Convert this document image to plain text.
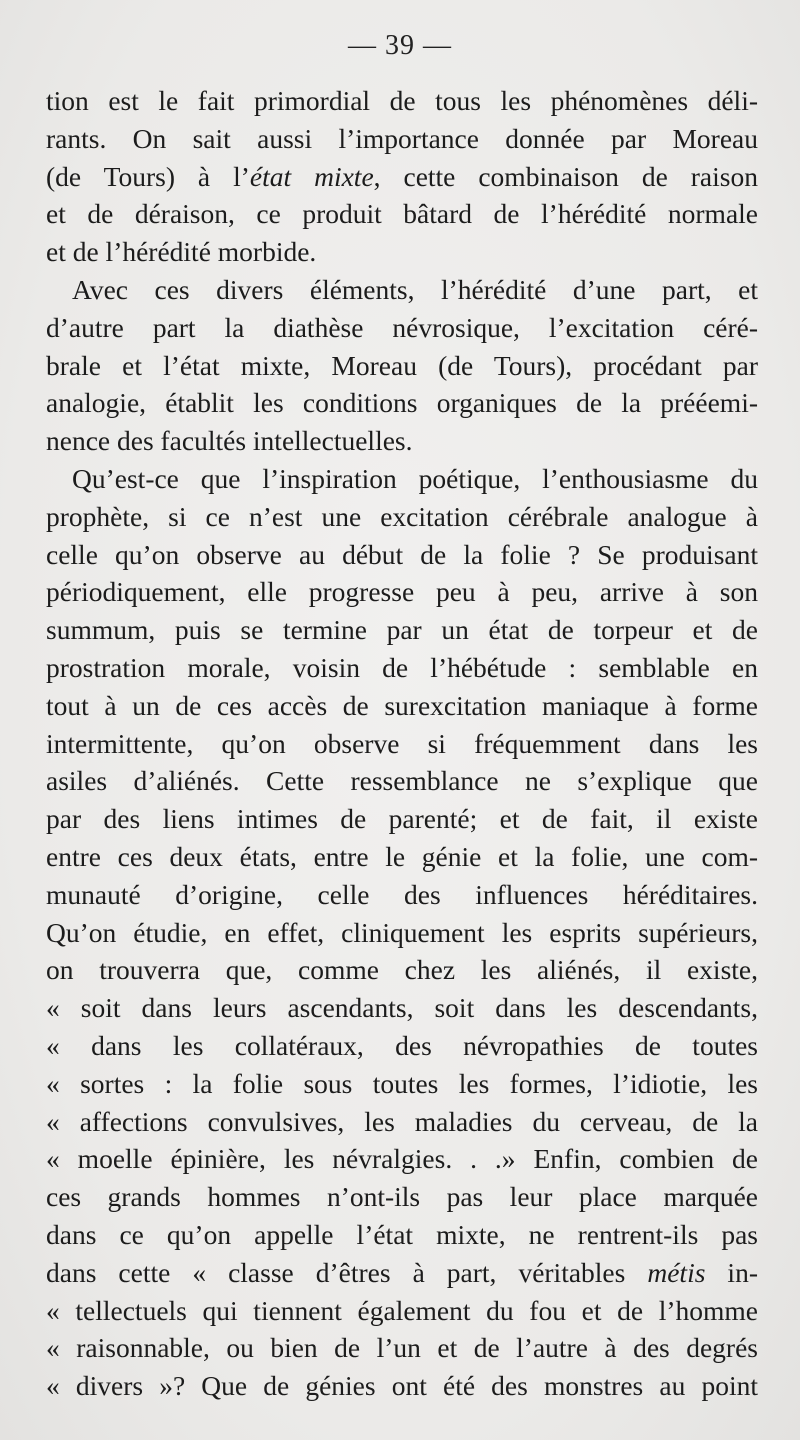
— 39 —
tion est le fait primordial de tous les phénomènes déli-
rants. On sait aussi l’importance donnée par Moreau
(de Tours) à l’état mixte, cette combinaison de raison
et de déraison, ce produit bâtard de l’hérédité normale
et de l’hérédité morbide.
Avec ces divers éléments, l’hérédité d’une part, et
d’autre part la diathèse névrosique, l’excitation céré-
brale et l’état mixte, Moreau (de Tours), procédant par
analogie, établit les conditions organiques de la prééemi-
nence des facultés intellectuelles.
Qu’est-ce que l’inspiration poétique, l’enthousiasme du
prophète, si ce n’est une excitation cérébrale analogue à
celle qu’on observe au début de la folie ? Se produisant
périodiquement, elle progresse peu à peu, arrive à son
summum, puis se termine par un état de torpeur et de
prostration morale, voisin de l’hébétude : semblable en
tout à un de ces accès de surexcitation maniaque à forme
intermittente, qu’on observe si fréquemment dans les
asiles d’aliénés. Cette ressemblance ne s’explique que
par des liens intimes de parenté; et de fait, il existe
entre ces deux états, entre le génie et la folie, une com-
munauté d’origine, celle des influences héréditaires.
Qu’on étudie, en effet, cliniquement les esprits supérieurs,
on trouverra que, comme chez les aliénés, il existe,
« soit dans leurs ascendants, soit dans les descendants,
« dans les collatéraux, des névropathies de toutes
« sortes : la folie sous toutes les formes, l’idiotie, les
« affections convulsives, les maladies du cerveau, de la
« moelle épinière, les névralgies. . .» Enfin, combien de
ces grands hommes n’ont-ils pas leur place marquée
dans ce qu’on appelle l’état mixte, ne rentrent-ils pas
dans cette « classe d’êtres à part, véritables métis in-
« tellectuels qui tiennent également du fou et de l’homme
« raisonnable, ou bien de l’un et de l’autre à des degrés
« divers »? Que de génies ont été des monstres au point
